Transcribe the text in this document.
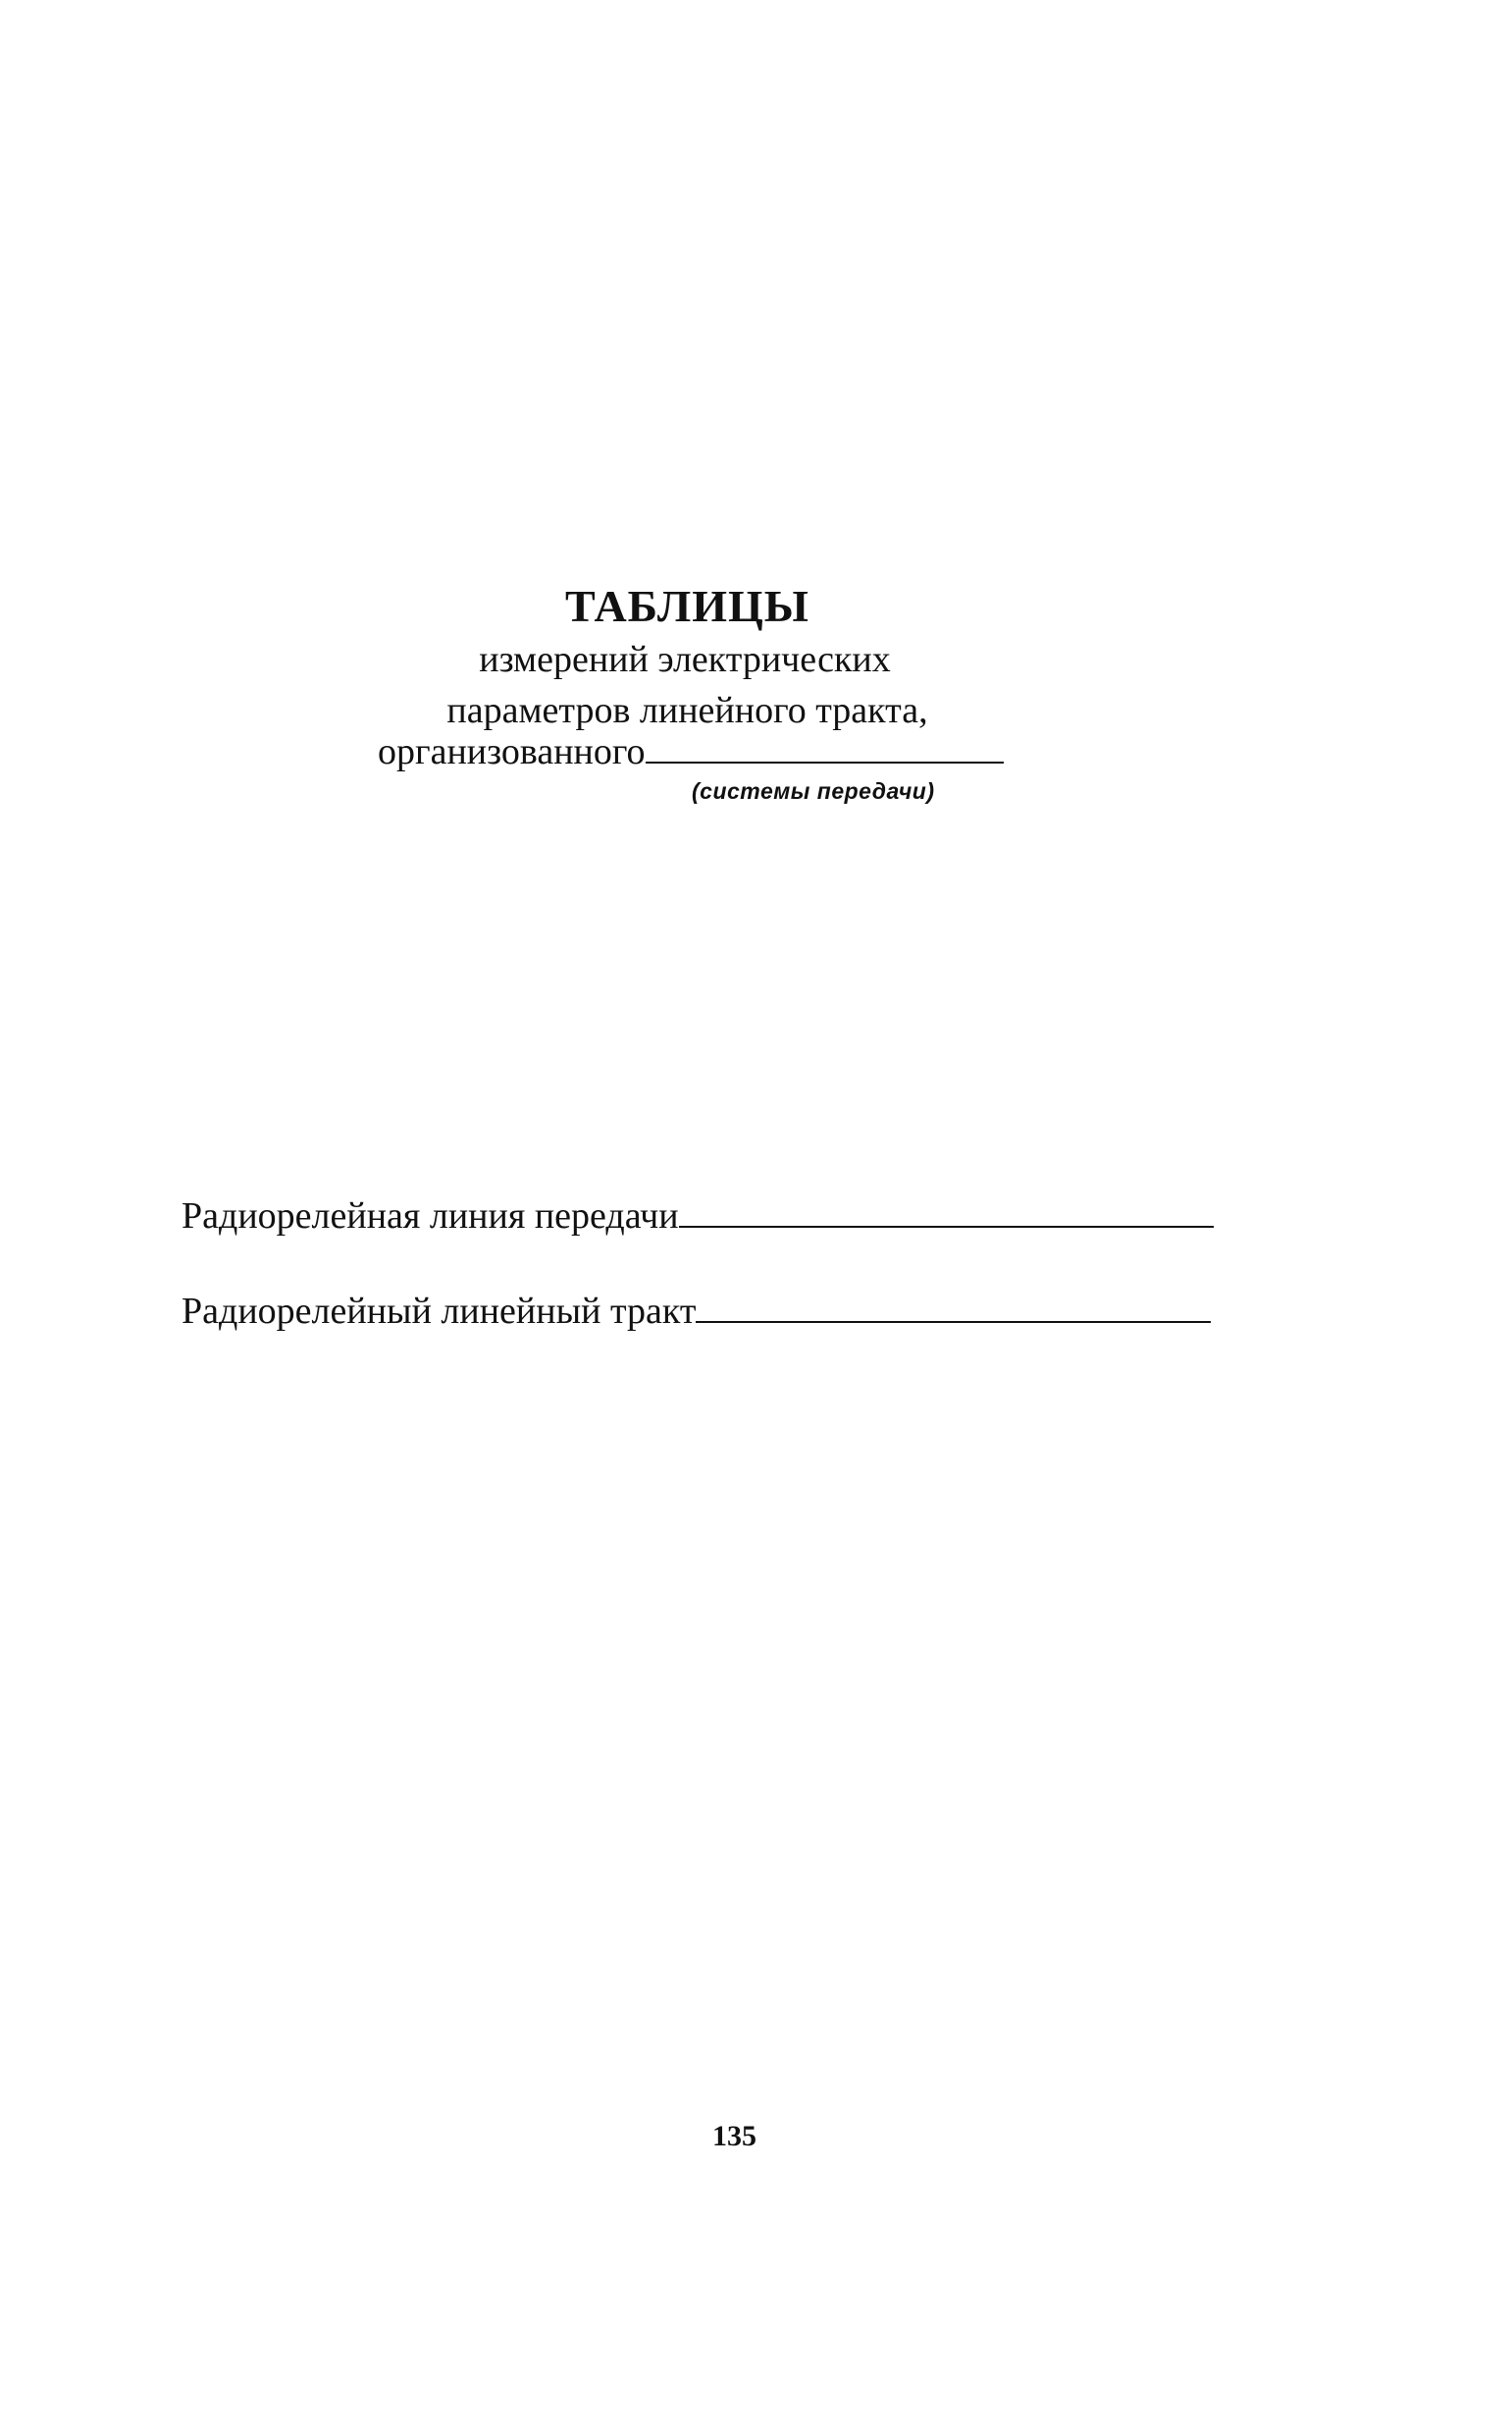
ТАБЛИЦЫ
измерений электрических
параметров линейного тракта,
организованного
(системы передачи)
Радиорелейная линия передачи
Радиорелейный линейный тракт
135
